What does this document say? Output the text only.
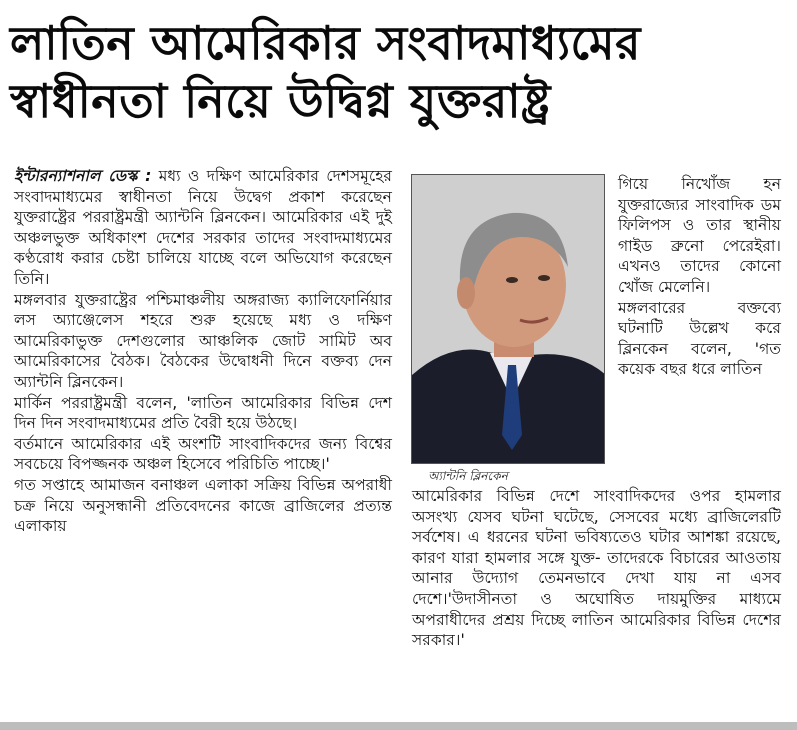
লাতিন আমেরিকার সংবাদমাধ্যমের
স্বাধীনতা নিয়ে উদ্বিগ্ন যুক্তরাষ্ট্র

ইন্টারন্যাশনাল ডেস্ক : মধ্য ও দক্ষিণ আমেরিকার দেশসমূহের সংবাদমাধ্যমের স্বাধীনতা নিয়ে উদ্বেগ প্রকাশ করেছেন যুক্তরাষ্ট্রের পররাষ্ট্রমন্ত্রী অ্যান্টনি ব্লিনকেন। আমেরিকার এই দুই অঞ্চলভুক্ত অধিকাংশ দেশের সরকার তাদের সংবাদমাধ্যমের কণ্ঠরোধ করার চেষ্টা চালিয়ে যাচ্ছে বলে অভিযোগ করেছেন তিনি।

মঙ্গলবার যুক্তরাষ্ট্রের পশ্চিমাঞ্চলীয় অঙ্গরাজ্য ক্যালিফোর্নিয়ার লস অ্যাঞ্জেলেস শহরে শুরু হয়েছে মধ্য ও দক্ষিণ আমেরিকাভুক্ত দেশগুলোর আঞ্চলিক জোট সামিট অব আমেরিকাসের বৈঠক। বৈঠকের উদ্বোধনী দিনে বক্তব্য দেন অ্যান্টনি ব্লিনকেন।

মার্কিন পররাষ্ট্রমন্ত্রী বলেন, 'লাতিন আমেরিকার বিভিন্ন দেশ দিন দিন সংবাদমাধ্যমের প্রতি বৈরী হয়ে উঠছে।

বর্তমানে আমেরিকার এই অংশটি সাংবাদিকদের জন্য বিশ্বের সবচেয়ে বিপজ্জনক অঞ্চল হিসেবে পরিচিতি পাচ্ছে।'

গত সপ্তাহে আমাজন বনাঞ্চল এলাকা সক্রিয় বিভিন্ন অপরাধী চক্র নিয়ে অনুসন্ধানী প্রতিবেদনের কাজে ব্রাজিলের প্রত্যন্ত এলাকায়

অ্যান্টনি ব্লিনকেন

গিয়ে নিখোঁজ হন যুক্তরাজ্যের সাংবাদিক ডম ফিলিপস ও তার স্থানীয় গাইড ব্রুনো পেরেইরা। এখনও তাদের কোনো খোঁজ মেলেনি।

মঙ্গলবারের বক্তব্যে ঘটনাটি উল্লেখ করে ব্লিনকেন বলেন, 'গত কয়েক বছর ধরে লাতিন

আমেরিকার বিভিন্ন দেশে সাংবাদিকদের ওপর হামলার অসংখ্য যেসব ঘটনা ঘটেছে, সেসবের মধ্যে ব্রাজিলেরটি সর্বশেষ। এ ধরনের ঘটনা ভবিষ্যতেও ঘটার আশঙ্কা রয়েছে, কারণ যারা হামলার সঙ্গে যুক্ত- তাদেরকে বিচারের আওতায় আনার উদ্যোগ তেমনভাবে দেখা যায় না এসব দেশে।'উদাসীনতা ও অঘোষিত দায়মুক্তির মাধ্যমে অপরাধীদের প্রশ্রয় দিচ্ছে লাতিন আমেরিকার বিভিন্ন দেশের সরকার।'
